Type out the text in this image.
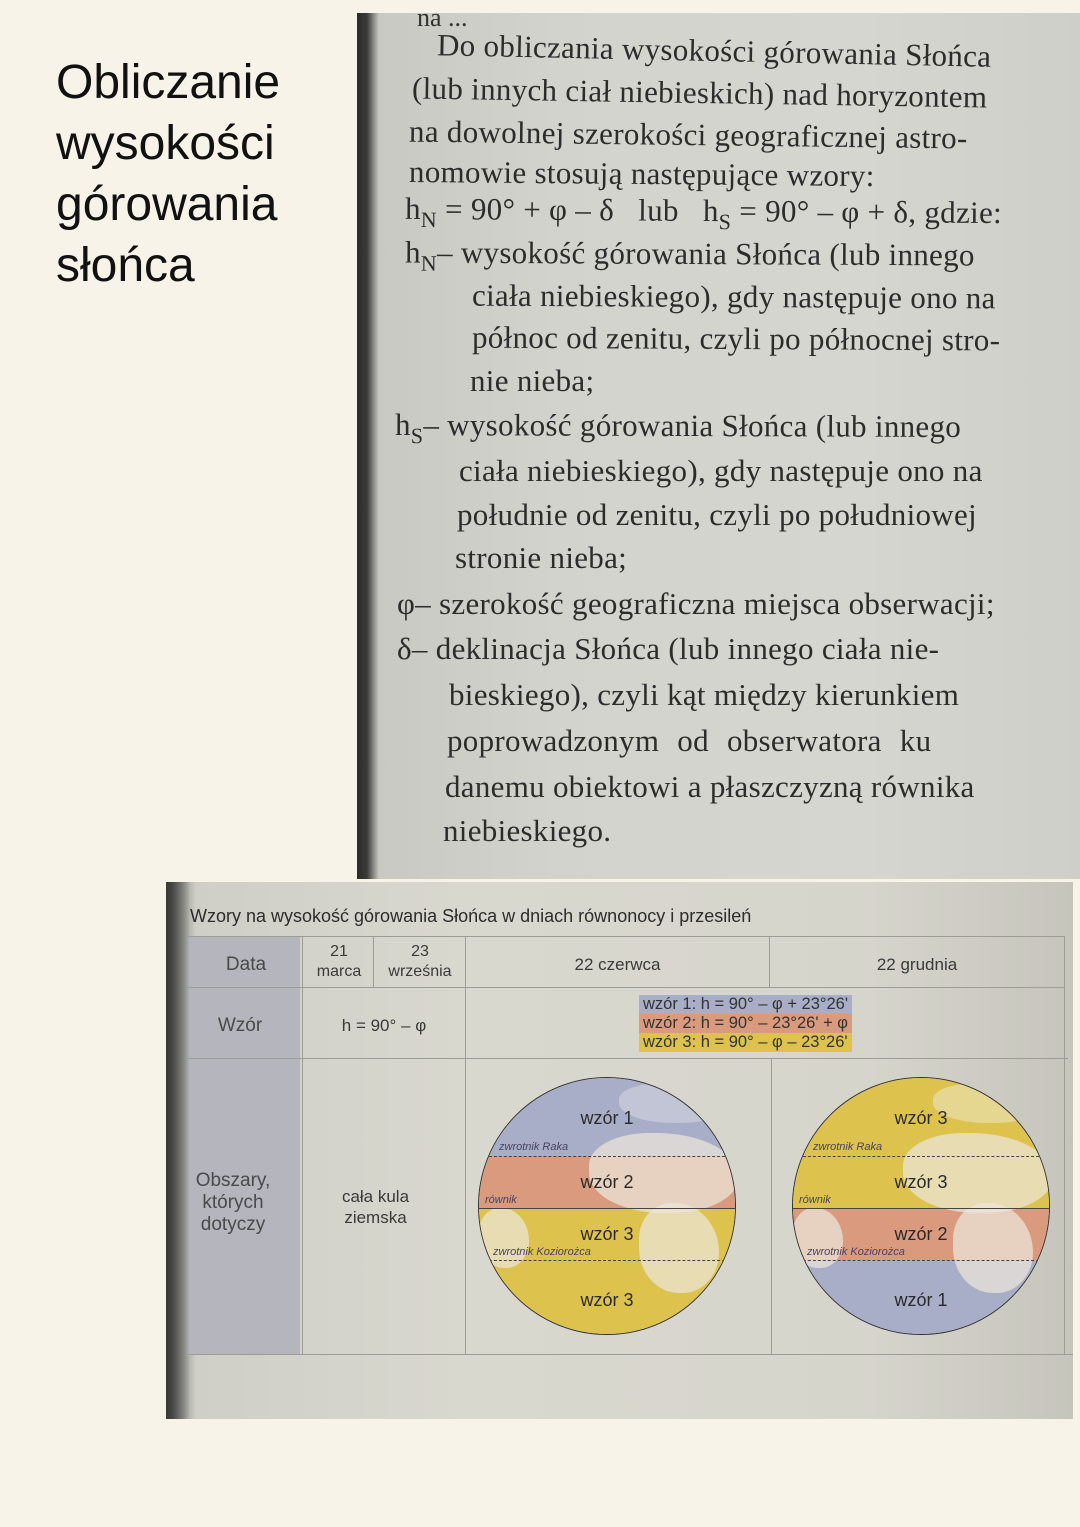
Obliczanie
wysokości
górowania
słońca
na ...
Do obliczania wysokości górowania Słońca
(lub innych ciał niebieskich) nad horyzontem
na dowolnej szerokości geograficznej astro-
nomowie stosują następujące wzory:
$h_N = 90^\circ + \varphi - \delta$ lub $h_S = 90^\circ - \varphi + \delta$, gdzie:
$h_N-$ wysokość górowania Słońca (lub innego
ciała niebieskiego), gdy następuje ono na
północ od zenitu, czyli po północnej stro-
nie nieba;
$h_S-$ wysokość górowania Słońca (lub innego
ciała niebieskiego), gdy następuje ono na
południe od zenitu, czyli po południowej
stronie nieba;
φ– szerokość geograficzna miejsca obserwacji;
δ– deklinacja Słońca (lub innego ciała nie-
bieskiego), czyli kąt między kierunkiem
poprowadzonym od obserwatora ku
danemu obiektowi a płaszczyzną równika
niebieskiego.
Wzory na wysokość górowania Słońca w dniach równonocy i przesileń
Data
Wzór
Obszary,
których
dotyczy
21
marca
23
września	22 czerwca	22 grudnia
h = 90° – φ
cała kula
ziemska
wzór 1: h = 90° – φ + 23°26'
wzór 2: h = 90° – 23°26' + φ
wzór 3: h = 90° – φ – 23°26'
zwrotnik Raka
równik
zwrotnik Koziorożca
wzór 1
wzór 2
wzór 3
wzór 3
zwrotnik Raka
równik
zwrotnik Koziorożca
wzór 3
wzór 3
wzór 2
wzór 1
